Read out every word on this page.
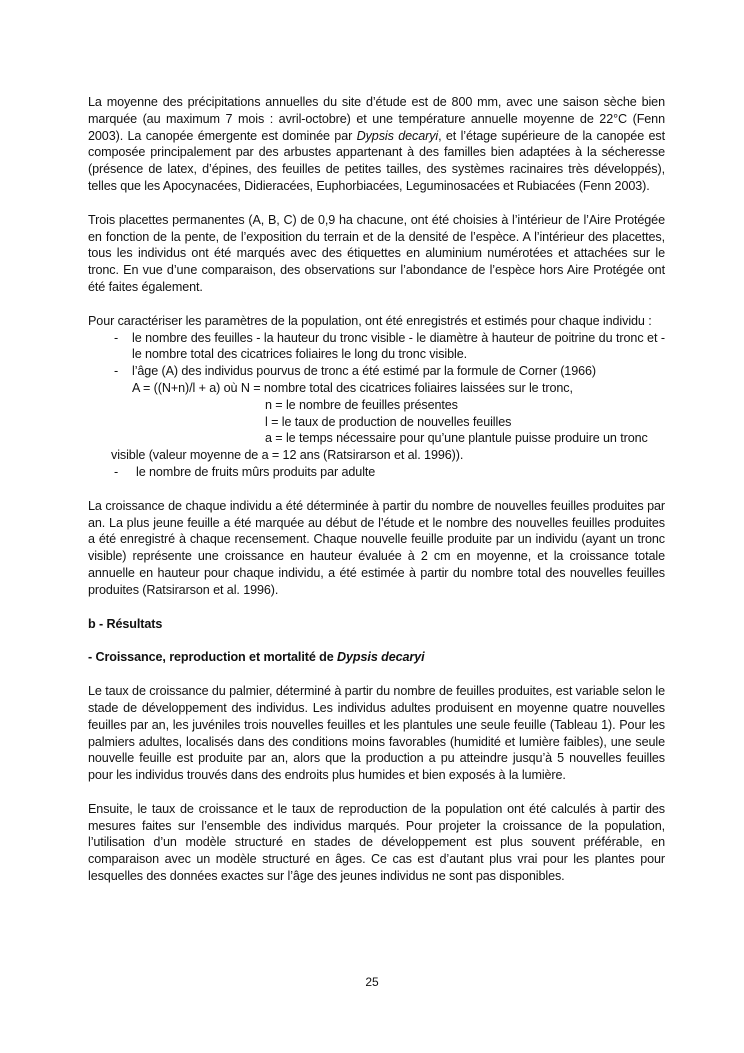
La moyenne des précipitations annuelles du site d’étude est de 800 mm, avec une saison sèche bien marquée (au maximum 7 mois : avril-octobre) et une température annuelle moyenne de 22°C (Fenn 2003). La canopée émergente est dominée par Dypsis decaryi, et l’étage supérieure de la canopée est composée principalement par des arbustes appartenant à des familles bien adaptées à la sécheresse (présence de latex, d’épines, des feuilles de petites tailles, des systèmes racinaires très développés), telles que les Apocynacées, Didieracées, Euphorbiacées, Leguminosacées et Rubiacées (Fenn 2003).

Trois placettes permanentes (A, B, C) de 0,9 ha chacune, ont été choisies à l’intérieur de l’Aire Protégée en fonction de la pente, de l’exposition du terrain et de la densité de l’espèce. A l’intérieur des placettes, tous les individus ont été marqués avec des étiquettes en aluminium numérotées et attachées sur le tronc. En vue d’une comparaison, des observations sur l’abondance de l’espèce hors Aire Protégée ont été faites également.

Pour caractériser les paramètres de la population, ont été enregistrés et estimés pour chaque individu :

-	le nombre des feuilles - la hauteur du tronc visible - le diamètre à hauteur de poitrine du tronc et - le nombre total des cicatrices foliaires le long du tronc visible.
-	l’âge (A) des individus pourvus de tronc a été estimé par la formule de Corner (1966)
A = ((N+n)/l + a) où N = nombre total des cicatrices foliaires laissées sur le tronc,
n = le nombre de feuilles présentes
l = le taux de production de nouvelles feuilles
a = le temps nécessaire pour qu’une plantule puisse produire un tronc
visible (valeur moyenne de a = 12 ans (Ratsirarson et al. 1996)).
-	le nombre de fruits mûrs produits par adulte

La croissance de chaque individu a été déterminée à partir du nombre de nouvelles feuilles produites par an. La plus jeune feuille a été marquée au début de l’étude et le nombre des nouvelles feuilles produites a été enregistré à chaque recensement. Chaque nouvelle feuille produite par un individu (ayant un tronc visible) représente une croissance en hauteur évaluée à 2 cm en moyenne, et la croissance totale annuelle en hauteur pour chaque individu, a été estimée à partir du nombre total des nouvelles feuilles produites (Ratsirarson et al. 1996).

b - Résultats

- Croissance, reproduction et mortalité de Dypsis decaryi

Le taux de croissance du palmier, déterminé à partir du nombre de feuilles produites, est variable selon le stade de développement des individus. Les individus adultes produisent en moyenne quatre nouvelles feuilles par an, les juvéniles trois nouvelles feuilles et les plantules une seule feuille (Tableau 1). Pour les palmiers adultes, localisés dans des conditions moins favorables (humidité et lumière faibles), une seule nouvelle feuille est produite par an, alors que la production a pu atteindre jusqu’à 5 nouvelles feuilles pour les individus trouvés dans des endroits plus humides et bien exposés à la lumière.

Ensuite, le taux de croissance et le taux de reproduction de la population ont été calculés à partir des mesures faites sur l’ensemble des individus marqués. Pour projeter la croissance de la population, l’utilisation d’un modèle structuré en stades de développement est plus souvent préférable, en comparaison avec un modèle structuré en âges. Ce cas est d’autant plus vrai pour les plantes pour lesquelles des données exactes sur l’âge des jeunes individus ne sont pas disponibles.

25
